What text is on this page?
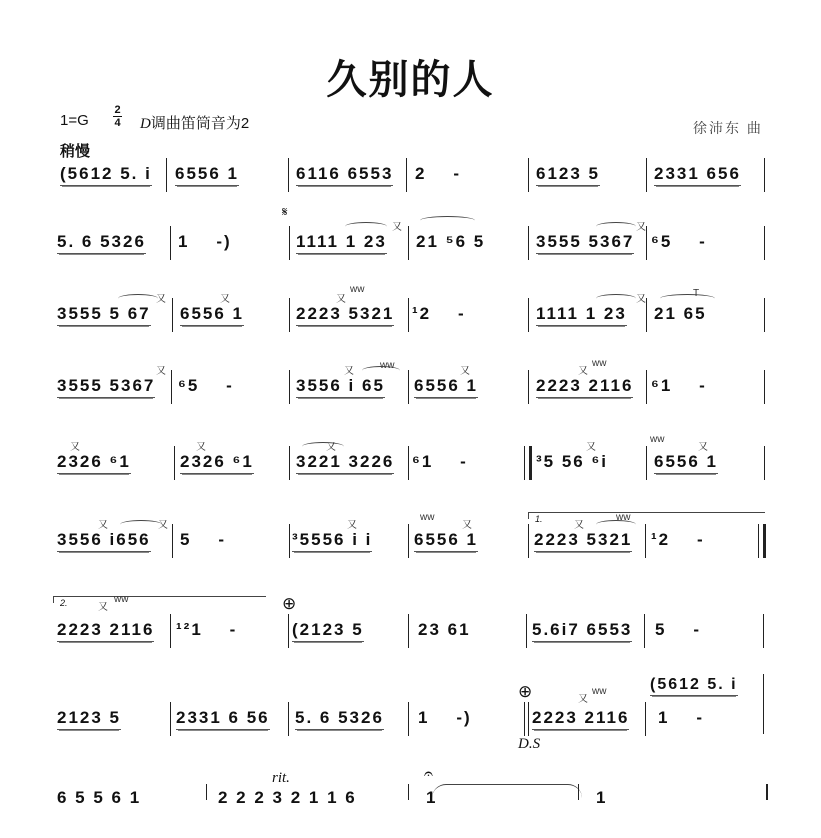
久别的人
1=G
2
4 D调曲笛筒音为2	徐沛东 曲
稍慢
(5612 5. i 6556 1	6116 6553 2    -	6123 5	2331 656
𝄋
5. 6 5326 1    -)
又
1111 1 23 21 ⁵6 5
又
3555 5367 ⁶5    -
又
3555 5 67
又
6556 1
又
ᴡᴡ
2223 5321 ¹2    -
又
1111 1 23
T
21 65
又
3555 5367 ⁶5    -
又
ᴡᴡ
3556 i 65
又
6556 1
又
ᴡᴡ
2223 2116 ⁶1    -
又
2326 ⁶1
又
2326 ⁶1
又
3221 3226 ⁶1    -
又
³5 56 ⁶i
ᴡᴡ
又
6556 1
1.
又	又
3556 i656 5    -
又
³5556 i i
ᴡᴡ
又
6556 1
又
ᴡᴡ
2223 5321 ¹2    -
2.	⊕
又
ᴡᴡ
2223 2116 ¹²1    -	(2123 5	23 61	5.6i7 6553 5    -
2123 5	2331 6 56 5. 6 5326 1    -)
⊕	又
ᴡᴡ
2223 2116
D.S
(5612 5. i
1    -
rit.	𝄐
6 5 5 6 1	2 2 2 3 2 1 1 6	1	1
